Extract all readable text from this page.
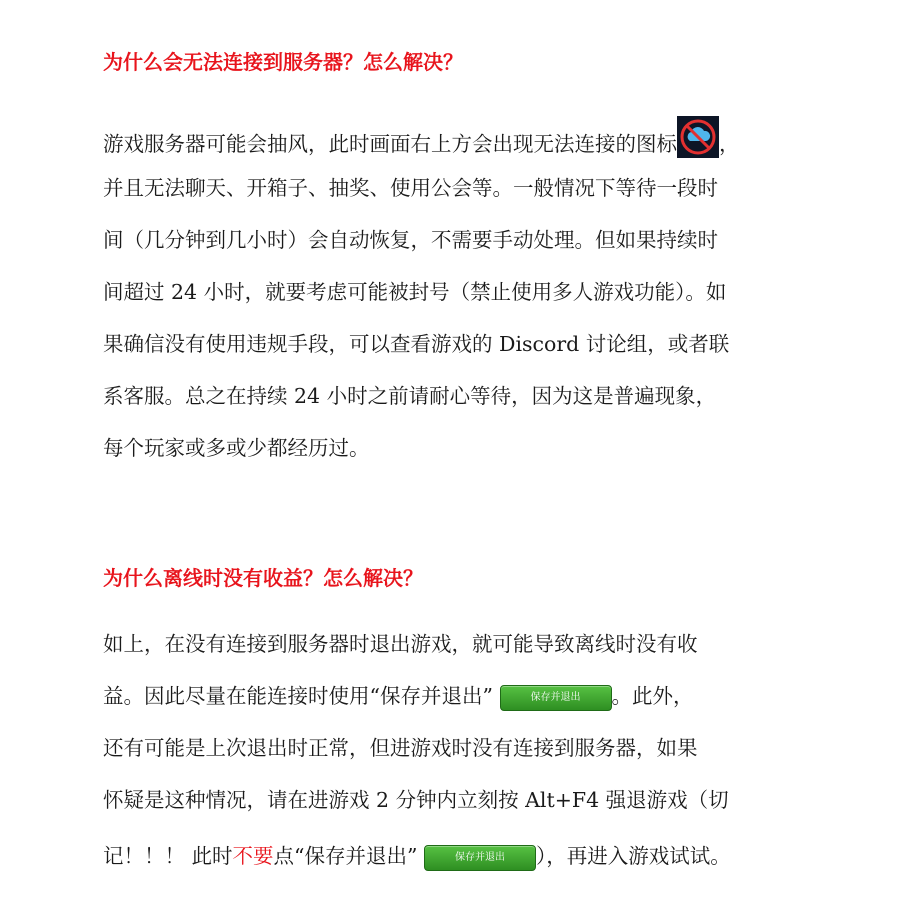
为什么会无法连接到服务器？怎么解决？
游戏服务器可能会抽风，此时画面右上方会出现无法连接的图标 ，
并且无法聊天、开箱子、抽奖、使用公会等。一般情况下等待一段时
间（几分钟到几小时）会自动恢复，不需要手动处理。但如果持续时
间超过 24 小时，就要考虑可能被封号（禁止使用多人游戏功能）。如
果确信没有使用违规手段，可以查看游戏的 Discord 讨论组，或者联
系客服。总之在持续 24 小时之前请耐心等待，因为这是普遍现象，
每个玩家或多或少都经历过。
为什么离线时没有收益？怎么解决？
如上，在没有连接到服务器时退出游戏，就可能导致离线时没有收
益。因此尽量在能连接时使用“保存并退出”	保存并退出 。此外，
还有可能是上次退出时正常，但进游戏时没有连接到服务器，如果
怀疑是这种情况，请在进游戏 2 分钟内立刻按 Alt+F4 强退游戏（切
记！！！ 此时不要点“保存并退出”	保存并退出 ），再进入游戏试试。
